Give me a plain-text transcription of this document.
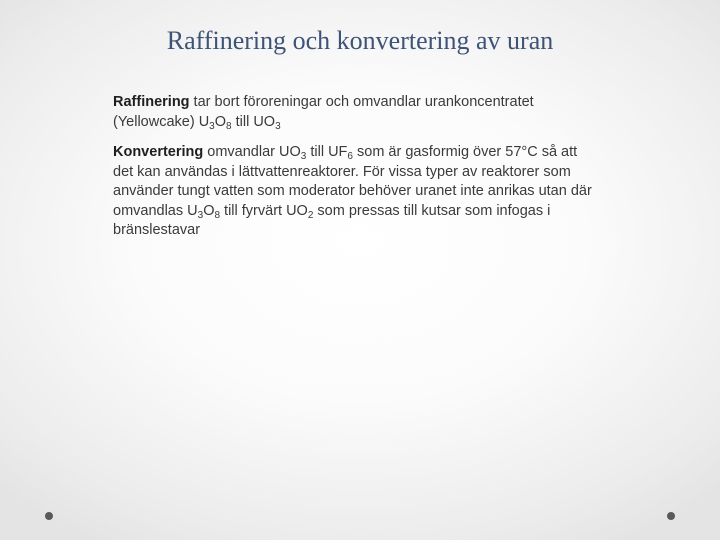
Raffinering och konvertering av uran

Raffinering tar bort föroreningar och omvandlar urankoncentratet (Yellowcake) $U_3O_8$ till $UO_3$

Konvertering omvandlar $UO_3$ till $UF_6$ som är gasformig över 57°C så att det kan användas i lättvattenreaktorer. För vissa typer av reaktorer som använder tungt vatten som moderator behöver uranet inte anrikas utan där omvandlas $U_3O_8$ till fyrvärt $UO_2$ som pressas till kutsar som infogas i bränslestavar
